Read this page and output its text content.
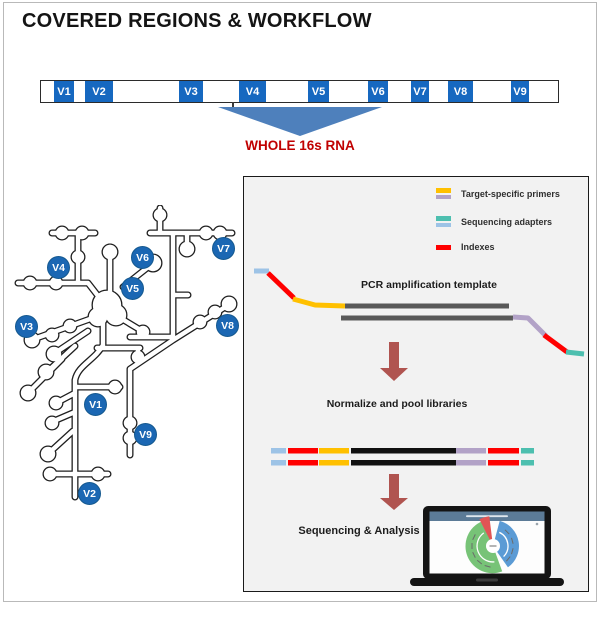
COVERED REGIONS & WORKFLOW
V1	V2	V3	V4	V5	V6	V7	V8	V9
WHOLE 16s RNA
V1
V2
V3
V4
V5
V6
V7
V8
V9
Target-specific primers
Sequencing adapters
Indexes
PCR amplification template
Normalize and pool libraries
Sequencing & Analysis
